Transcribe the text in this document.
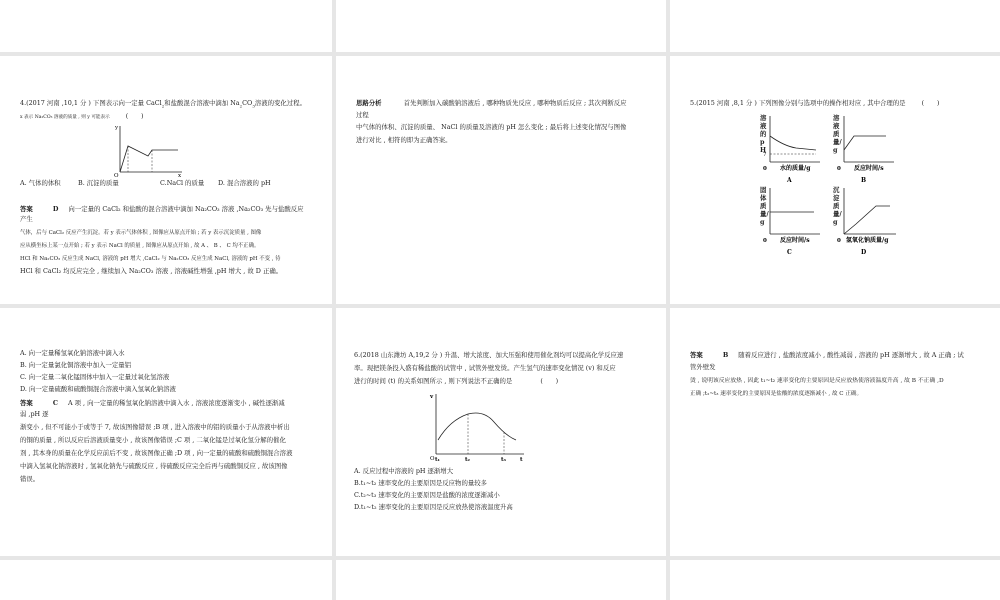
4.(2017 河南 ,10,1 分 ) 下图表示向一定量 CaCl$_2$和盐酸混合溶液中滴加 $Na_2CO_3$溶液的变化过程。
x 表示 Na₂CO₃ 溶液的质量 , 则 y 可能表示	(　　)
y
O	x
A. 气体的体积	B. 沉淀的质量	C.NaCl 的质量 D. 混合溶液的 pH
答案	D 向一定量的 CaCl₂ 和盐酸的混合溶液中滴加 Na₂CO₃ 溶液 ,Na₂CO₃ 先与盐酸反应
产生
气体，后与 CaCl₂ 反应产生沉淀。若 y 表示气体体积 , 图像应从原点开始 ; 若 y 表示沉淀质量 , 图像
应从横坐标上某一点开始 ; 若 y 表示 NaCl 的质量 , 图像应从原点开始 , 故 A 、 B 、 C 均不正确。
HCl 和 Na₂CO₃ 反应生成 NaCl, 溶液的 pH 增大 ,CaCl₂ 与 Na₂CO₃ 反应生成 NaCl, 溶液的 pH 不变 , 待
HCl 和 CaCl₂ 均反应完全 , 继续加入 Na₂CO₃ 溶液 , 溶液碱性增强 ,pH 增大 , 故 D 正确。
思路分析	首先判断加入碳酸钠溶液后 , 哪种物质先反应 , 哪种物质后反应 ; 其次判断反应
过程
中气体的体积、沉淀的质量、 NaCl 的质量及溶液的 pH 怎么变化 ; 最后将上述变化情况与图像
进行对比 , 相符的即为正确答案。
5.(2015 河南 ,8,1 分 ) 下列图像分别与选项中的操作相对应 , 其中合理的是	(　　)
7
0 水的质量/g
A
溶液的pH
0 反应时间/s
B
溶液质量/g
0 反应时间/s
C
固体质量/g
0 氢氧化钠质量/g
D
沉淀质量/g
A. 向一定量稀氢氧化钠溶液中滴入水
B. 向一定量氯化铜溶液中加入一定量铝
C. 向一定量二氧化锰固体中加入一定量过氧化氢溶液
D. 向一定量硫酸和硫酸铜混合溶液中滴入氢氧化钠溶液
答案	C A 项 , 向一定量的稀氢氧化钠溶液中滴入水 , 溶液浓度逐渐变小 , 碱性逐渐减
弱 ,pH 逐
渐变小 , 但不可能小于或等于 7, 故该图像错误 ;B 项 , 进入溶液中的铝的质量小于从溶液中析出
的铜的质量 , 所以反应后溶液质量变小 , 故该图像错误 ;C 项 , 二氧化锰是过氧化氢分解的催化
剂 , 其本身的质量在化学反应前后不变 , 故该图像正确 ;D 项 , 向一定量的硫酸和硫酸铜混合溶液
中滴入氢氧化钠溶液时 , 氢氧化钠先与硫酸反应 , 待硫酸反应完全后再与硫酸铜反应 , 故该图像
错误。
6.(2018 山东潍坊 A,19,2 分 ) 升温、增大浓度、加大压强和使用催化剂均可以提高化学反应速
率。现把镁条投入盛有稀盐酸的试管中 , 试管外壁发烫。产生氢气的速率变化情况 (v) 和反应
进行的时间 (t) 的关系如图所示 , 则下列说法不正确的是	(　　)
v
O t₁	t₂	t₃	t
A. 反应过程中溶液的 pH 逐渐增大
B.t₁~t₂ 速率变化的主要原因是反应物的量较多
C.t₂~t₃ 速率变化的主要原因是盐酸的浓度逐渐减小
D.t₁~t₂ 速率变化的主要原因是反应放热使溶液温度升高
答案	B 随着反应进行 , 盐酸浓度减小 , 酸性减弱 , 溶液的 pH 逐渐增大 , 故 A 正确 ; 试
管外壁发
烫 , 说明该反应放热 , 因此 t₁~t₂ 速率变化的主要原因是反应放热使溶液温度升高 , 故 B 不正确 ,D
正确 ;t₂~t₃ 速率变化的主要原因是盐酸的浓度逐渐减小 , 故 C 正确。
